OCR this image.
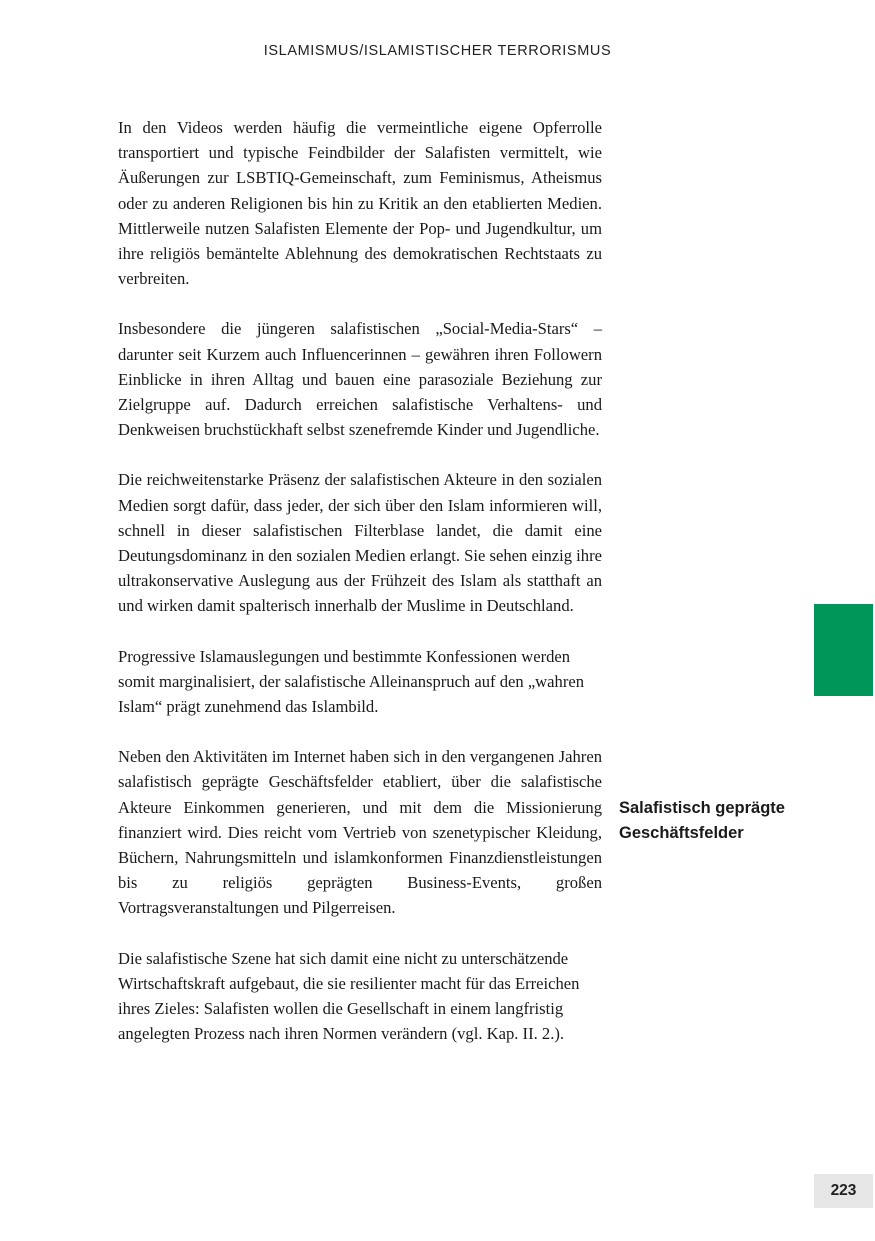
ISLAMISMUS/ISLAMISTISCHER TERRORISMUS

In den Videos werden häufig die vermeintliche eigene Opferrolle transportiert und typische Feindbilder der Salafisten vermittelt, wie Äußerungen zur LSBTIQ-Gemeinschaft, zum Feminismus, Atheismus oder zu anderen Religionen bis hin zu Kritik an den etablierten Medien. Mittlerweile nutzen Salafisten Elemente der Pop- und Jugendkultur, um ihre religiös bemäntelte Ablehnung des demokratischen Rechtstaats zu verbreiten.

Insbesondere die jüngeren salafistischen „Social-Media-Stars“ – darunter seit Kurzem auch Influencerinnen – gewähren ihren Followern Einblicke in ihren Alltag und bauen eine parasoziale Beziehung zur Zielgruppe auf. Dadurch erreichen salafistische Verhaltens- und Denkweisen bruchstückhaft selbst szenefremde Kinder und Jugendliche.

Die reichweitenstarke Präsenz der salafistischen Akteure in den sozialen Medien sorgt dafür, dass jeder, der sich über den Islam informieren will, schnell in dieser salafistischen Filterblase landet, die damit eine Deutungsdominanz in den sozialen Medien erlangt. Sie sehen einzig ihre ultrakonservative Auslegung aus der Frühzeit des Islam als statthaft an und wirken damit spalterisch innerhalb der Muslime in Deutschland.

Progressive Islamauslegungen und bestimmte Konfessionen werden somit marginalisiert, der salafistische Alleinanspruch auf den „wahren Islam“ prägt zunehmend das Islambild.

Neben den Aktivitäten im Internet haben sich in den vergangenen Jahren salafistisch geprägte Geschäftsfelder etabliert, über die salafistische Akteure Einkommen generieren, und mit dem die Missionierung finanziert wird. Dies reicht vom Vertrieb von szenetypischer Kleidung, Büchern, Nahrungsmitteln und islamkonformen Finanzdienstleistungen bis zu religiös geprägten Business-Events, großen Vortragsveranstaltungen und Pilgerreisen.

Die salafistische Szene hat sich damit eine nicht zu unterschätzende Wirtschaftskraft aufgebaut, die sie resilienter macht für das Erreichen ihres Zieles: Salafisten wollen die Gesellschaft in einem langfristig angelegten Prozess nach ihren Normen verändern (vgl. Kap. II. 2.).

Salafistisch geprägte
Geschäftsfelder
223
